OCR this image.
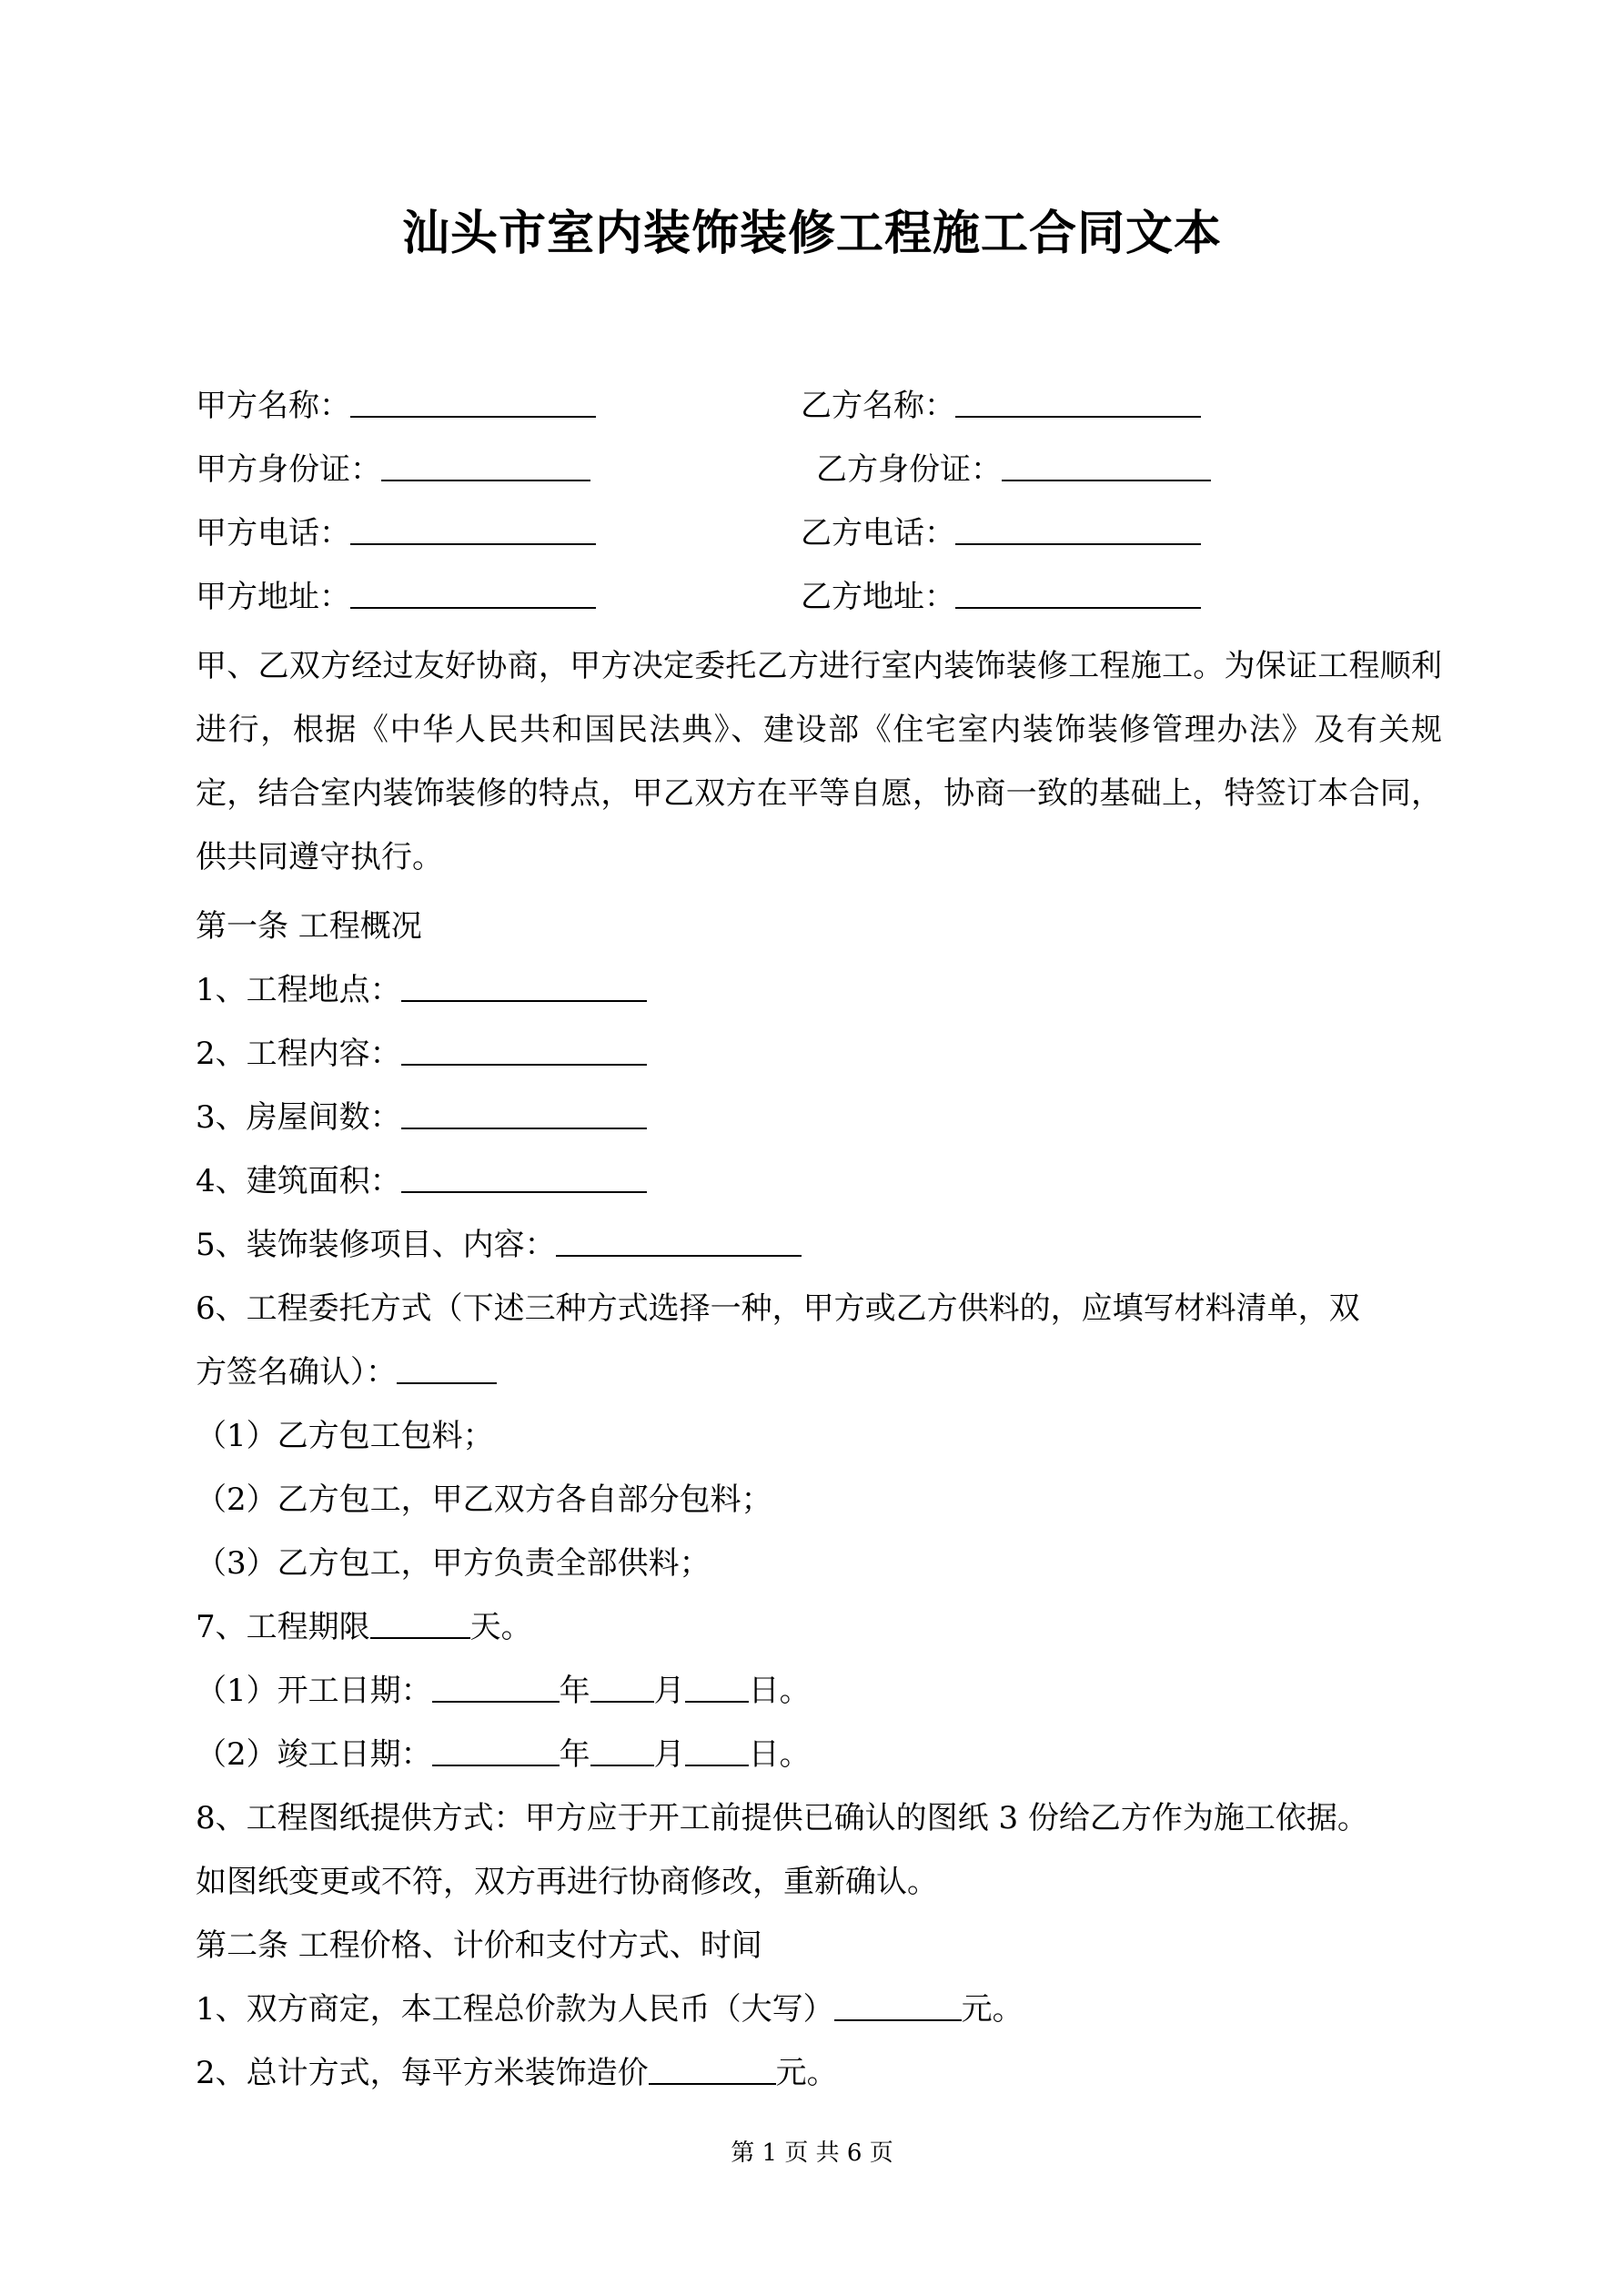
汕头市室内装饰装修工程施工合同文本
甲方名称：	乙方名称：
甲方身份证：	乙方身份证：
甲方电话：	乙方电话：
甲方地址：	乙方地址：
甲、乙双方经过友好协商，甲方决定委托乙方进行室内装饰装修工程施工。为保证工程顺利进行，根据《中华人民共和国民法典》、建设部《住宅室内装饰装修管理办法》及有关规定，结合室内装饰装修的特点，甲乙双方在平等自愿，协商一致的基础上，特签订本合同，供共同遵守执行。
第一条 工程概况
1、工程地点：
2、工程内容：
3、房屋间数：
4、建筑面积：
5、装饰装修项目、内容：
6、工程委托方式（下述三种方式选择一种，甲方或乙方供料的，应填写材料清单，双
方签名确认）：
（1）乙方包工包料；
（2）乙方包工，甲乙双方各自部分包料；
（3）乙方包工，甲方负责全部供料；
7、工程期限	天。
（1）开工日期：	年 月 日。
（2）竣工日期：	年 月 日。
8、工程图纸提供方式：甲方应于开工前提供已确认的图纸 3 份给乙方作为施工依据。
如图纸变更或不符，双方再进行协商修改，重新确认。
第二条 工程价格、计价和支付方式、时间
1、双方商定，本工程总价款为人民币（大写）	元。
2、总计方式，每平方米装饰造价	元。
第 1 页 共 6 页
